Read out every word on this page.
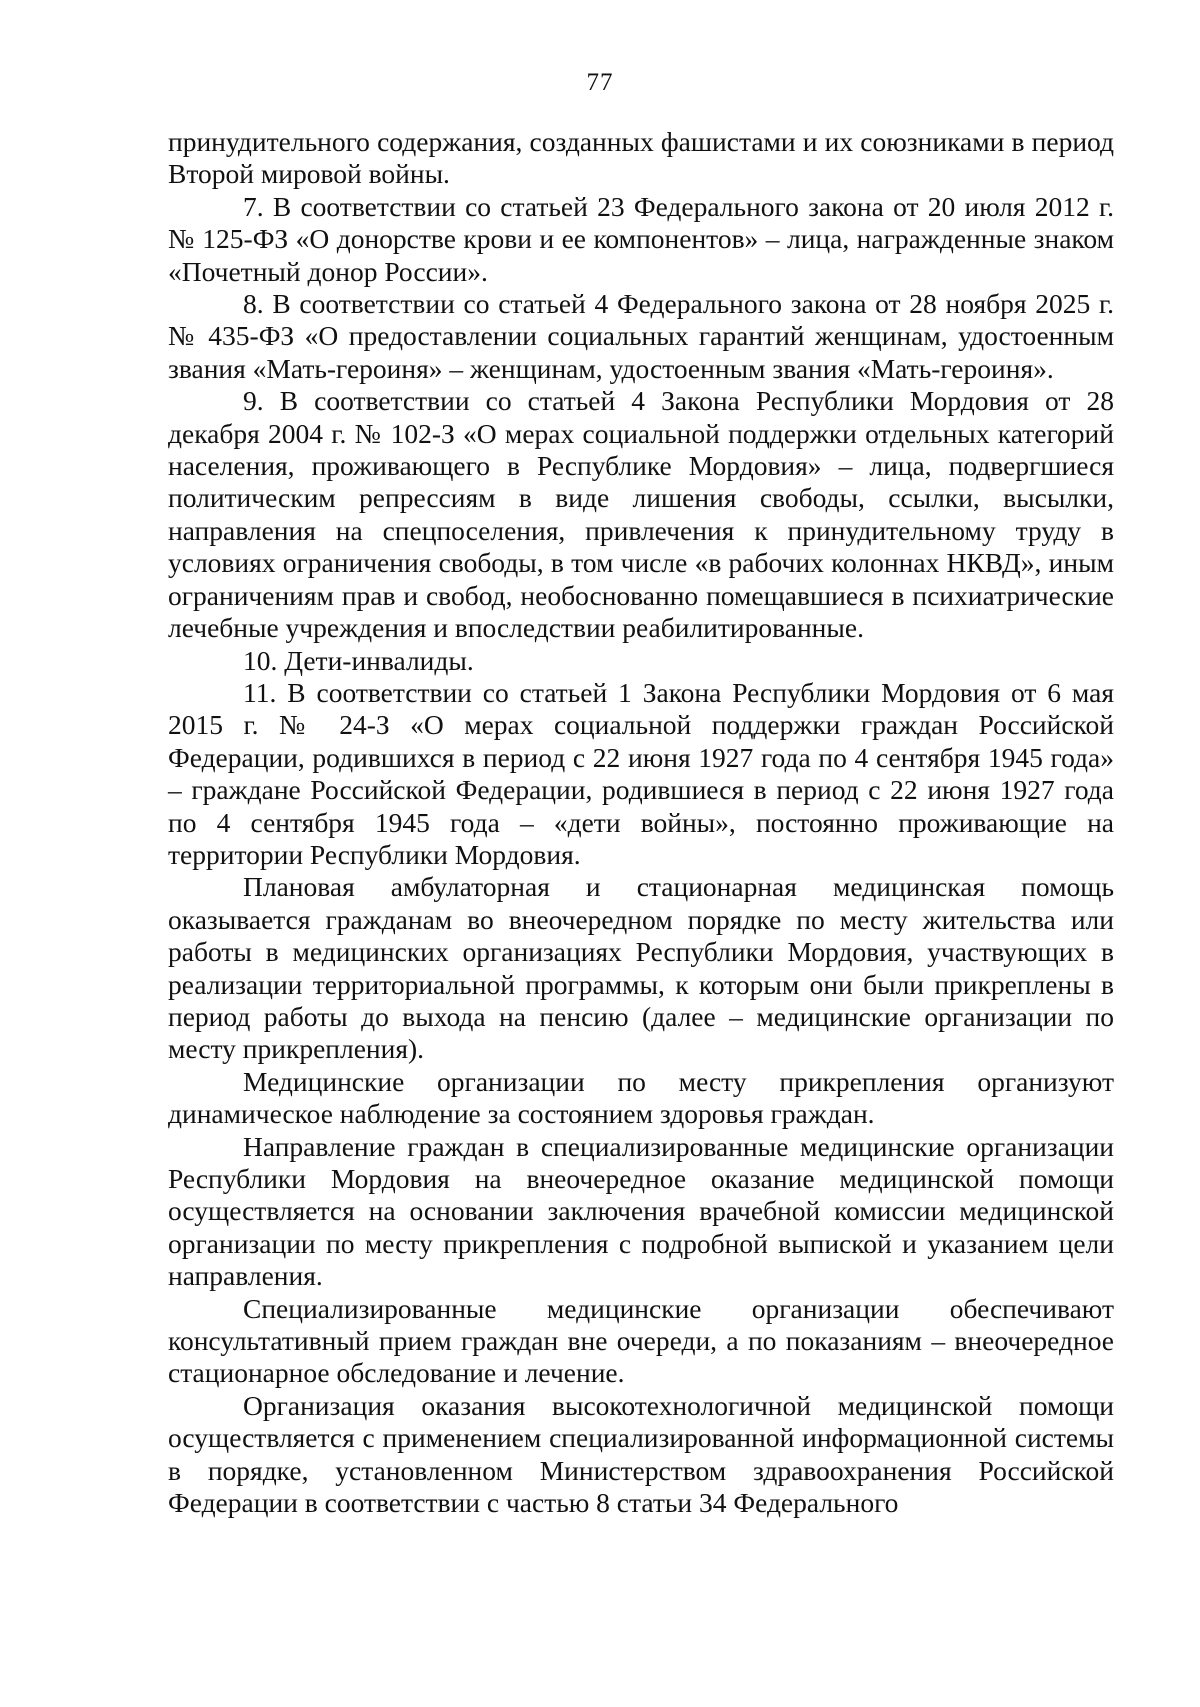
77

принудительного содержания, созданных фашистами и их союзниками в период Второй мировой войны.

7. В соответствии со статьей 23 Федерального закона от 20 июля 2012 г. № 125-ФЗ «О донорстве крови и ее компонентов» – лица, награжденные знаком «Почетный донор России».

8. В соответствии со статьей 4 Федерального закона от 28 ноября 2025 г. № 435-ФЗ «О предоставлении социальных гарантий женщинам, удостоенным звания «Мать-героиня» – женщинам, удостоенным звания «Мать-героиня».

9. В соответствии со статьей 4 Закона Республики Мордовия от 28 декабря 2004 г. № 102-З «О мерах социальной поддержки отдельных категорий населения, проживающего в Республике Мордовия» – лица, подвергшиеся политическим репрессиям в виде лишения свободы, ссылки, высылки, направления на спецпоселения, привлечения к принудительному труду в условиях ограничения свободы, в том числе «в рабочих колоннах НКВД», иным ограничениям прав и свобод, необоснованно помещавшиеся в психиатрические лечебные учреждения и впоследствии реабилитированные.

10. Дети-инвалиды.

11. В соответствии со статьей 1 Закона Республики Мордовия от 6 мая 2015 г. № 24-З «О мерах социальной поддержки граждан Российской Федерации, родившихся в период с 22 июня 1927 года по 4 сентября 1945 года» – граждане Российской Федерации, родившиеся в период с 22 июня 1927 года по 4 сентября 1945 года – «дети войны», постоянно проживающие на территории Республики Мордовия.

Плановая амбулаторная и стационарная медицинская помощь оказывается гражданам во внеочередном порядке по месту жительства или работы в медицинских организациях Республики Мордовия, участвующих в реализации территориальной программы, к которым они были прикреплены в период работы до выхода на пенсию (далее – медицинские организации по месту прикрепления).

Медицинские организации по месту прикрепления организуют динамическое наблюдение за состоянием здоровья граждан.

Направление граждан в специализированные медицинские организации Республики Мордовия на внеочередное оказание медицинской помощи осуществляется на основании заключения врачебной комиссии медицинской организации по месту прикрепления с подробной выпиской и указанием цели направления.

Специализированные медицинские организации обеспечивают консультативный прием граждан вне очереди, а по показаниям – внеочередное стационарное обследование и лечение.

Организация оказания высокотехнологичной медицинской помощи осуществляется с применением специализированной информационной системы в порядке, установленном Министерством здравоохранения Российской Федерации в соответствии с частью 8 статьи 34 Федерального
